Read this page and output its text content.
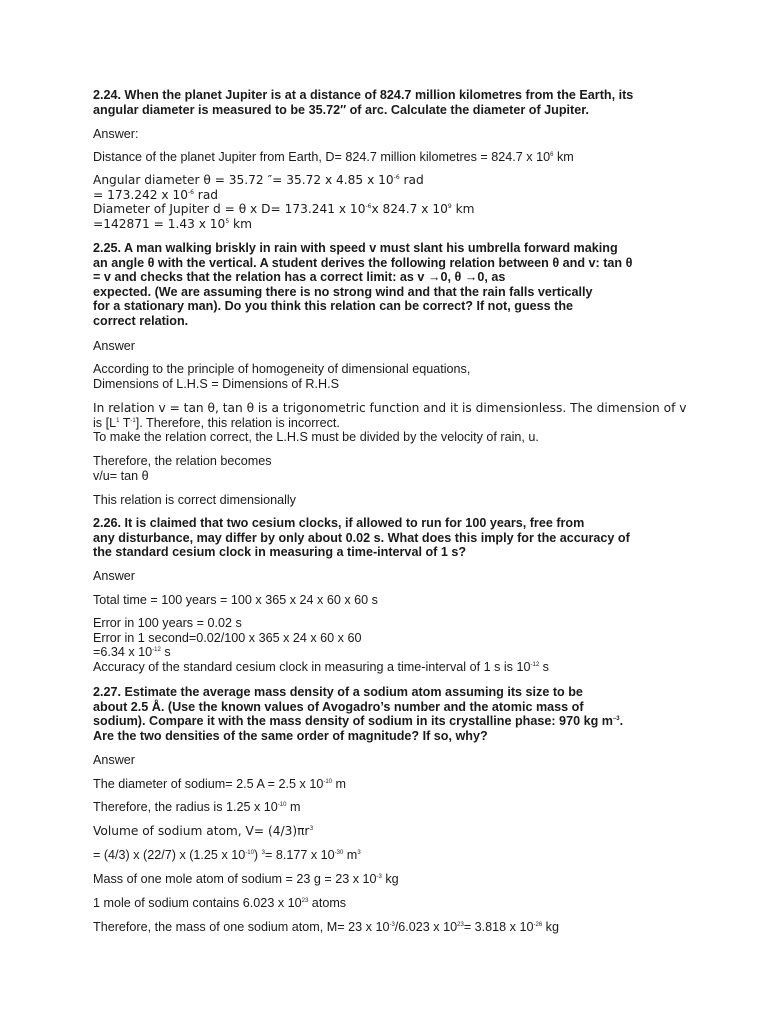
2.24. When the planet Jupiter is at a distance of 824.7 million kilometres from the Earth, its

angular diameter is measured to be 35.72″ of arc. Calculate the diameter of Jupiter.

Answer:

Distance of the planet Jupiter from Earth, D= 824.7 million kilometres = 824.7 x $10^6$ km

Angular diameter θ = 35.72 ″= 35.72 x 4.85 x $10^{-6}$ rad

= 173.242 x $10^{-6}$ rad

Diameter of Jupiter d = θ x D= 173.241 x $10^{-6}x$ 824.7 x $10^9$ km

=142871 = 1.43 x $10^5$ km

2.25. A man walking briskly in rain with speed v must slant his umbrella forward making

an angle θ with the vertical. A student derives the following relation between θ and v: tan θ

= v and checks that the relation has a correct limit: as v →0, θ →0, as

expected. (We are assuming there is no strong wind and that the rain falls vertically

for a stationary man). Do you think this relation can be correct? If not, guess the

correct relation.

Answer

According to the principle of homogeneity of dimensional equations,

Dimensions of L.H.S = Dimensions of R.H.S

In relation v = tan θ, tan θ is a trigonometric function and it is dimensionless. The dimension of v

is [$L^1$ $T^{-1}$]. Therefore, this relation is incorrect.

To make the relation correct, the L.H.S must be divided by the velocity of rain, u.

Therefore, the relation becomes

v/u= tan θ

This relation is correct dimensionally

2.26. It is claimed that two cesium clocks, if allowed to run for 100 years, free from

any disturbance, may differ by only about 0.02 s. What does this imply for the accuracy of

the standard cesium clock in measuring a time-interval of 1 s?

Answer

Total time = 100 years = 100 x 365 x 24 x 60 x 60 s

Error in 100 years = 0.02 s

Error in 1 second=0.02/100 x 365 x 24 x 60 x 60

=6.34 x $10^{-12}$ s

Accuracy of the standard cesium clock in measuring a time-interval of 1 s is $10^{-12}$ s

2.27. Estimate the average mass density of a sodium atom assuming its size to be

about 2.5 Å. (Use the known values of Avogadro’s number and the atomic mass of

sodium). Compare it with the mass density of sodium in its crystalline phase: 970 kg $m^{-3}$.

Are the two densities of the same order of magnitude? If so, why?

Answer

The diameter of sodium= 2.5 A = 2.5 x $10^{-10}$ m

Therefore, the radius is 1.25 x $10^{-10}$ m

Volume of sodium atom, $V= (4/3)\pi r^3$

= (4/3) x (22/7) x (1.25 x $10^{-10}$) $^3$= 8.177 x $10^{-30}$ $m^3$

Mass of one mole atom of sodium = 23 g = 23 x $10^{-3}$ kg

1 mole of sodium contains 6.023 x $10^{23}$ atoms

Therefore, the mass of one sodium atom, M= 23 x $10^{-3}/6.023$ x $10^{23}= 3.818$ x $10^{-26}$ kg
